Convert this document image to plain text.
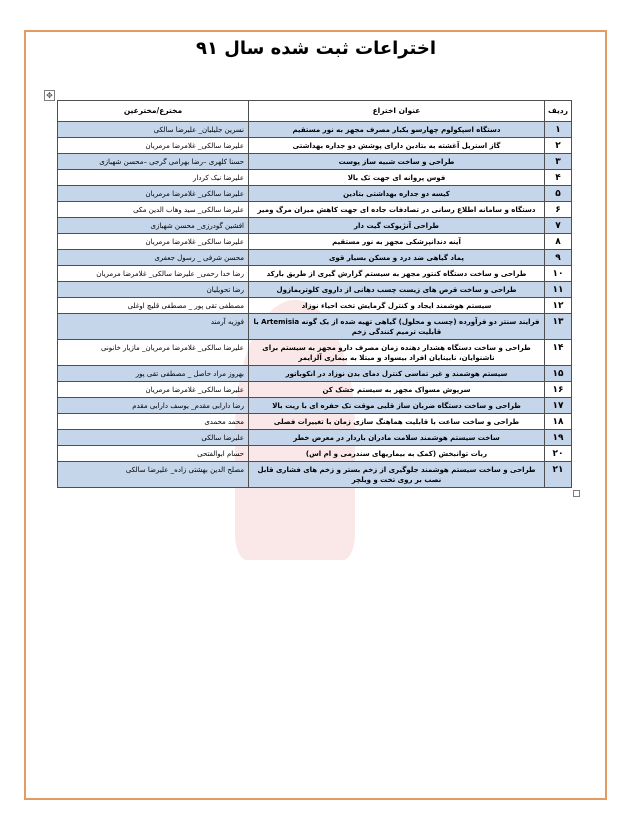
اختراعات ثبت شده سال ۹۱
✥
ردیف	عنوان اختراع	مخترع/مخترعین
۱	دستگاه اسپکولوم چهارسو یکبار مصرف مجهز به نور مستقیم	نسرین جلیلیان_ علیرضا سالکی
۲	گاز استریل آغشته به بتادین دارای پوشش دو جداره بهداشتی	علیرضا سالکی_ غلامرضا مرمریان
۳	طراحی و ساخت شبیه ساز پوست	حسنا کلهری –رضا بهرامی گرجی –محسن شهبازی
۴	فوس پروانه ای جهت ثک بالا	علیرضا نیک کردار
۵	کیسه دو جداره بهداشتی بتادین	علیرضا سالکی_ غلامرضا مرمریان
۶	دستگاه و سامانه اطلاع رسانی در تصادفات جاده ای جهت کاهش میزان مرگ ومیر	علیرضا سالکی_ سید وهاب الدین مکی
۷	طراحی آنژیوکت گیت دار	افشین گودرزی_ محسن شهبازی
۸	آینه دندانپزشکی مجهز به نور مستقیم	علیرضا سالکی_ غلامرضا مرمریان
۹	پماد گیاهی ضد درد و مسکن بسیار قوی	محسن شرفی _ رسول جعفری
۱۰	طراحی و ساخت دستگاه کنتور مجهز به سیستم گزارش گیری از طریق بارکد	رضا خدا رحمی_ علیرضا سالکی_ غلامرضا مرمریان
۱۱	طراحی و ساخت قرص های زیست چسب دهانی از داروی کلوتریمازول	رضا تحویلیان
۱۲	سیستم هوشمند ایجاد و کنترل گرمایش تخت احیاء نوزاد	مصطفی تقی پور _ مصطفی قلیچ اوغلی
۱۳	فرایند سنتز دو فرآورده (چسب و محلول) گیاهی تهیه شده از یک گونه Artemisia با قابلیت ترمیم کنندگی زخم	فوزیه آرمند
۱۴	طراحی و ساخت دستگاه هشدار دهنده زمان مصرف دارو مجهز به سیستم برای ناشنوایان، نابینایان افراد بیسواد و مبتلا به بیماری آلزایمر	علیرضا سالکی_ غلامرضا مرمریان_ مازیار خانونی
۱۵	سیستم هوشمند و غیر تماسی کنترل دمای بدن نوزاد در انکوباتور	بهروز مراد حاصل _ مصطفی تقی پور
۱۶	سرپوش مسواک مجهز به سیستم خشک کن	علیرضا سالکی_ غلامرضا مرمریان
۱۷	طراحی و ساخت دستگاه ضربان ساز قلبی موقت تک حفره ای با ریت بالا	رضا دارابی مقدم_ یوسف دارابی مقدم
۱۸	طراحی و ساخت ساعت با قابلیت هماهنگ سازی زمان با تغییرات فصلی	محمد محمدی
۱۹	ساخت سیستم هوشمند سلامت مادران باردار در معرض خطر	علیرضا سالکی
۲۰	ربات توانبخش (کمک به بیماریهای سندرمی و ام اس)	حسام ابوالفتحی
۲۱	طراحی و ساخت سیستم هوشمند جلوگیری از زخم بستر و زخم های فشاری قابل نصب بر روی تخت و ویلچر	مصلح الدین بهشتی زاده_ علیرضا سالکی
